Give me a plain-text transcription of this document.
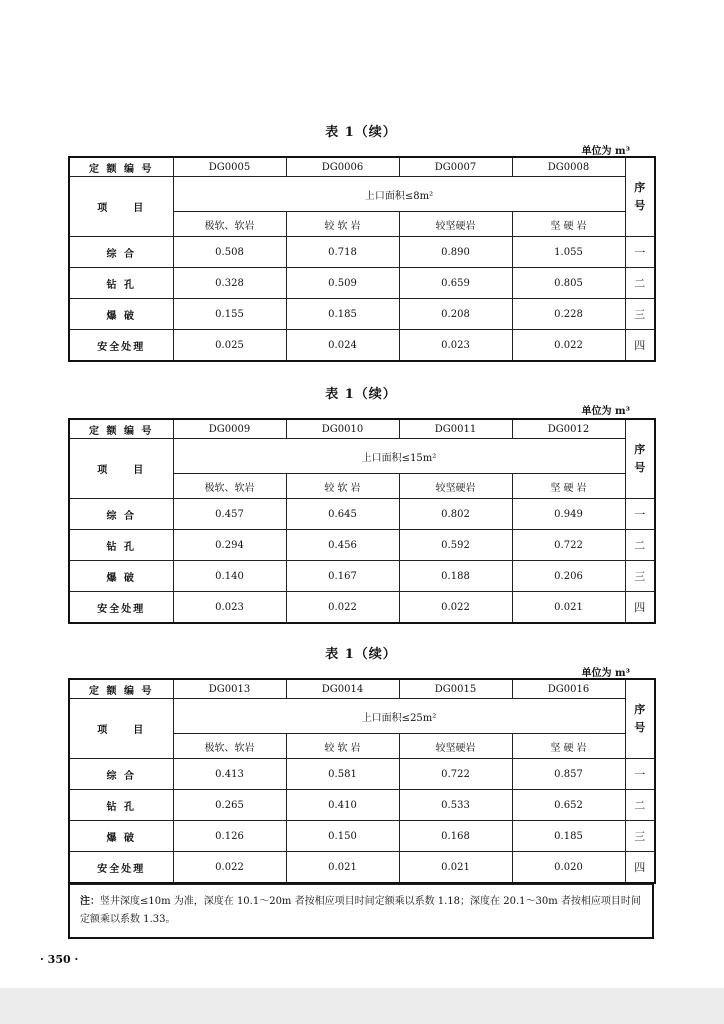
表 1（续）
单位为 m³
定 额 编 号	DG0005	DG0006	DG0007	DG0008	序号

项　　目	上口面积≤8m²				
	极软、软岩	较 软 岩	较坚硬岩	坚 硬 岩	
综 合	0.508	0.718	0.890	1.055	一
钻 孔	0.328	0.509	0.659	0.805	二
爆 破	0.155	0.185	0.208	0.228	三
安全处理	0.025	0.024	0.023	0.022	四
表 1（续）
单位为 m³
定 额 编 号	DG0009	DG0010	DG0011	DG0012	序号

项　　目	上口面积≤15m²				
	极软、软岩	较 软 岩	较坚硬岩	坚 硬 岩	
综 合	0.457	0.645	0.802	0.949	一
钻 孔	0.294	0.456	0.592	0.722	二
爆 破	0.140	0.167	0.188	0.206	三
安全处理	0.023	0.022	0.022	0.021	四
表 1（续）
单位为 m³
定 额 编 号	DG0013	DG0014	DG0015	DG0016	序号

项　　目	上口面积≤25m²				
	极软、软岩	较 软 岩	较坚硬岩	坚 硬 岩	
综 合	0.413	0.581	0.722	0.857	一
钻 孔	0.265	0.410	0.533	0.652	二
爆 破	0.126	0.150	0.168	0.185	三
安全处理	0.022	0.021	0.021	0.020	四
注：竖井深度≤10m 为准，深度在 10.1～20m 者按相应项目时间定额乘以系数 1.18；深度在 20.1～30m 者按相应项目时间定额乘以系数 1.33。
· 350 ·
